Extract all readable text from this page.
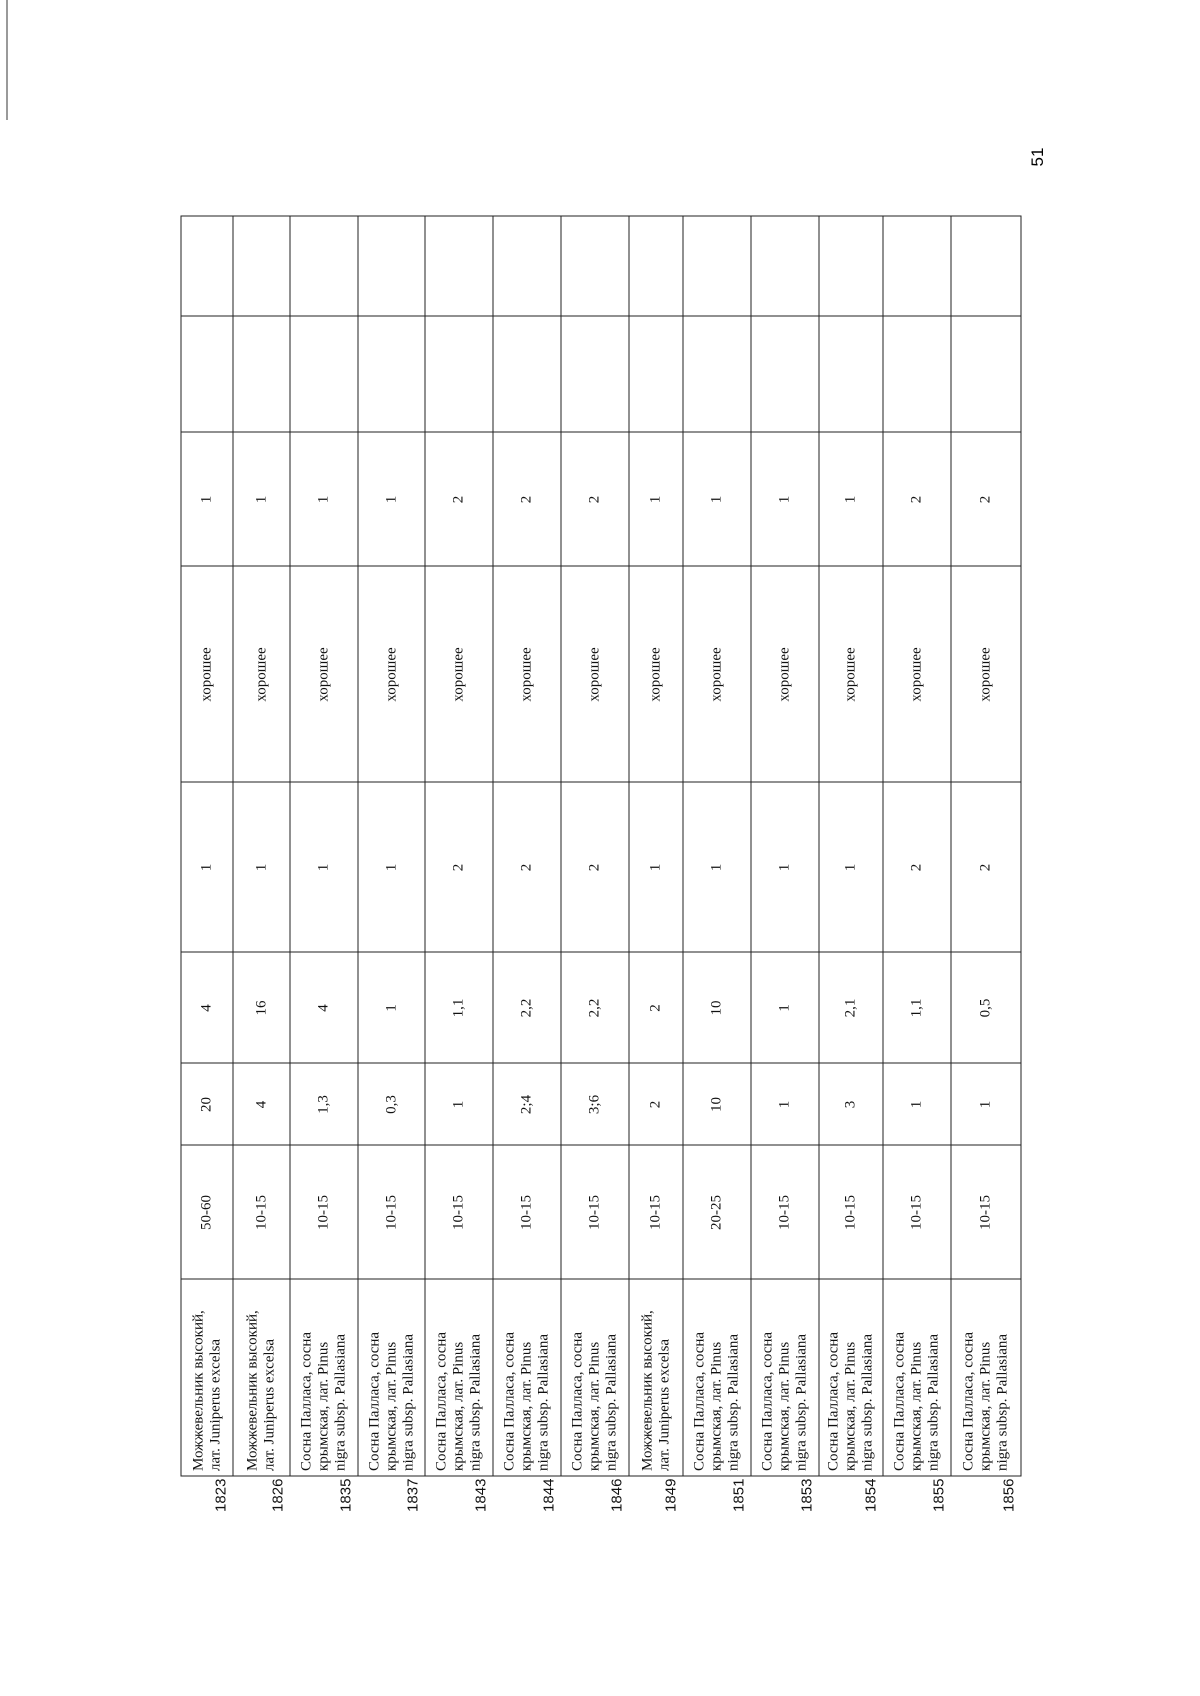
51
1823	Можжевельник высокий, лат. Juniperus excelsa	50-60	20	4	1	хорошее	1		
1826	Можжевельник высокий, лат. Juniperus excelsa	10-15	4	16	1	хорошее	1		
1835	Сосна Палласа, сосна крымская, лат. Pinus nigra subsp. Pallasiana	10-15	1,3	4	1	хорошее	1		
1837	Сосна Палласа, сосна крымская, лат. Pinus nigra subsp. Pallasiana	10-15	0,3	1	1	хорошее	1		
1843	Сосна Палласа, сосна крымская, лат. Pinus nigra subsp. Pallasiana	10-15	1	1,1	2	хорошее	2		
1844	Сосна Палласа, сосна крымская, лат. Pinus nigra subsp. Pallasiana	10-15	2;4	2,2	2	хорошее	2		
1846	Сосна Палласа, сосна крымская, лат. Pinus nigra subsp. Pallasiana	10-15	3;6	2,2	2	хорошее	2		
1849	Можжевельник высокий, лат. Juniperus excelsa	10-15	2	2	1	хорошее	1		
1851	Сосна Палласа, сосна крымская, лат. Pinus nigra subsp. Pallasiana	20-25	10	10	1	хорошее	1		
1853	Сосна Палласа, сосна крымская, лат. Pinus nigra subsp. Pallasiana	10-15	1	1	1	хорошее	1		
1854	Сосна Палласа, сосна крымская, лат. Pinus nigra subsp. Pallasiana	10-15	3	2,1	1	хорошее	1		
1855	Сосна Палласа, сосна крымская, лат. Pinus nigra subsp. Pallasiana	10-15	1	1,1	2	хорошее	2		
1856	Сосна Палласа, сосна крымская, лат. Pinus nigra subsp. Pallasiana	10-15	1	0,5	2	хорошее	2		
